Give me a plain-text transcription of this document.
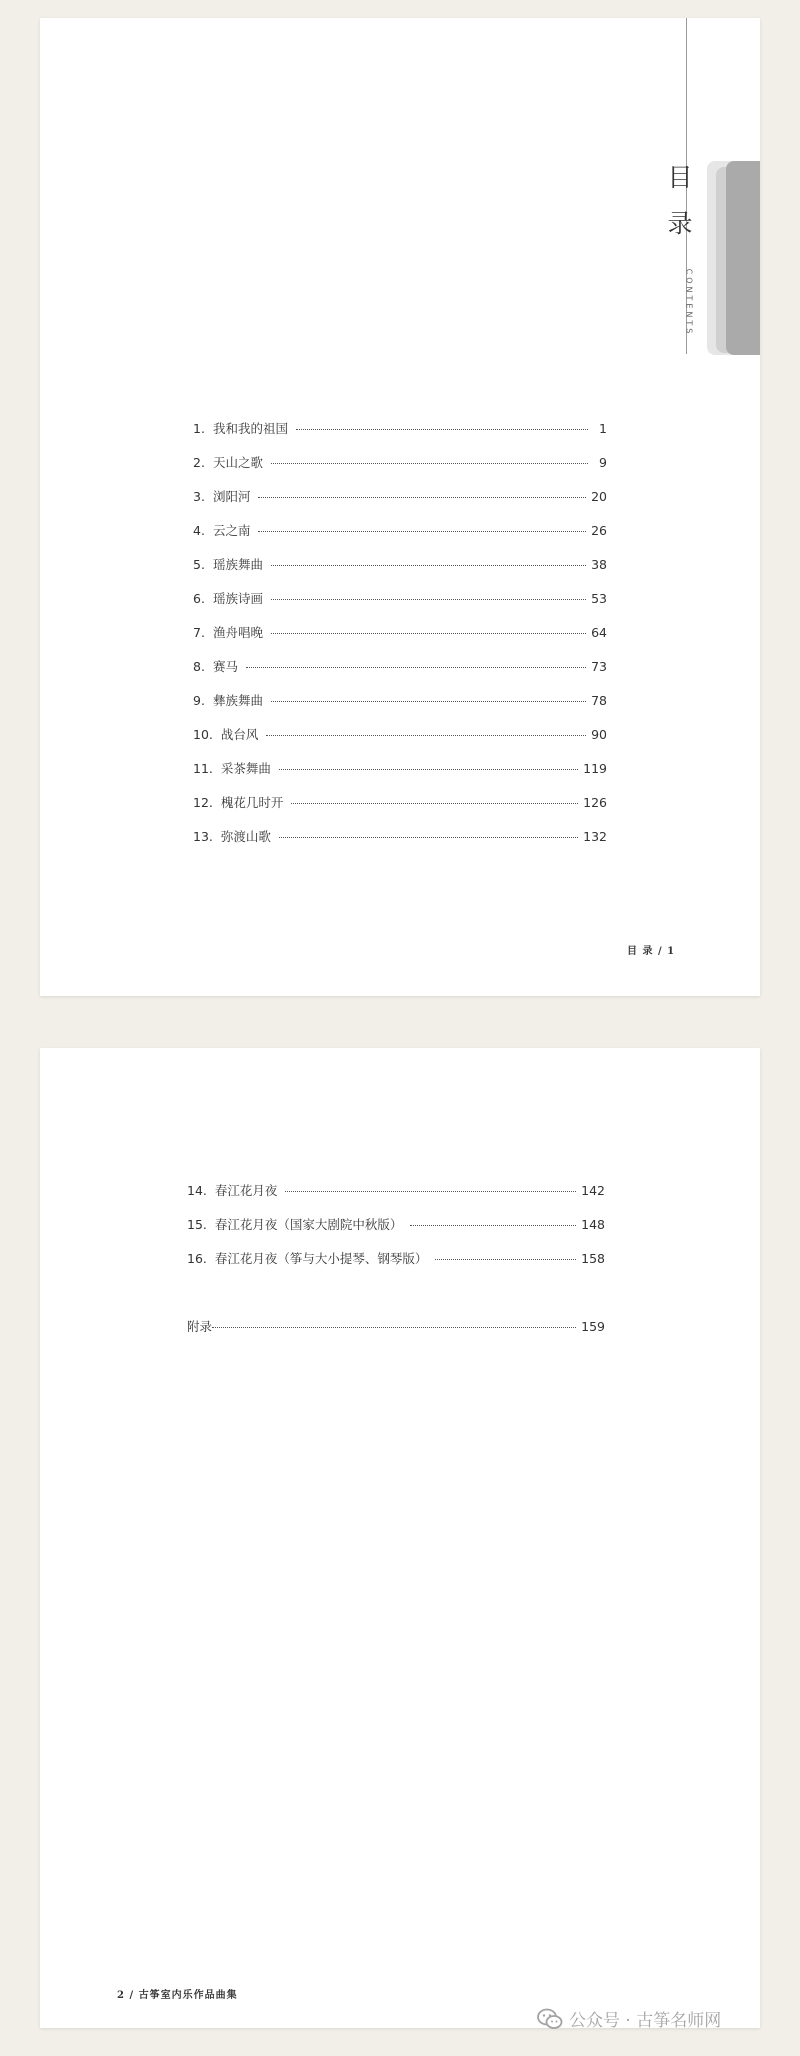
目
录
CONTENTS
1. 我和我的祖国	1
2. 天山之歌	9
3. 浏阳河	20
4. 云之南	26
5. 瑶族舞曲	38
6. 瑶族诗画	53
7. 渔舟唱晚	64
8. 赛马	73
9. 彝族舞曲	78
10. 战台风	90
11. 采茶舞曲	119
12. 槐花几时开	126
13. 弥渡山歌	132
目 录 / 1
14. 春江花月夜	142
15. 春江花月夜（国家大剧院中秋版）	148
16. 春江花月夜（筝与大小提琴、钢琴版）	158
附录	159
2 / 古筝室内乐作品曲集
公众号 · 古筝名师网
